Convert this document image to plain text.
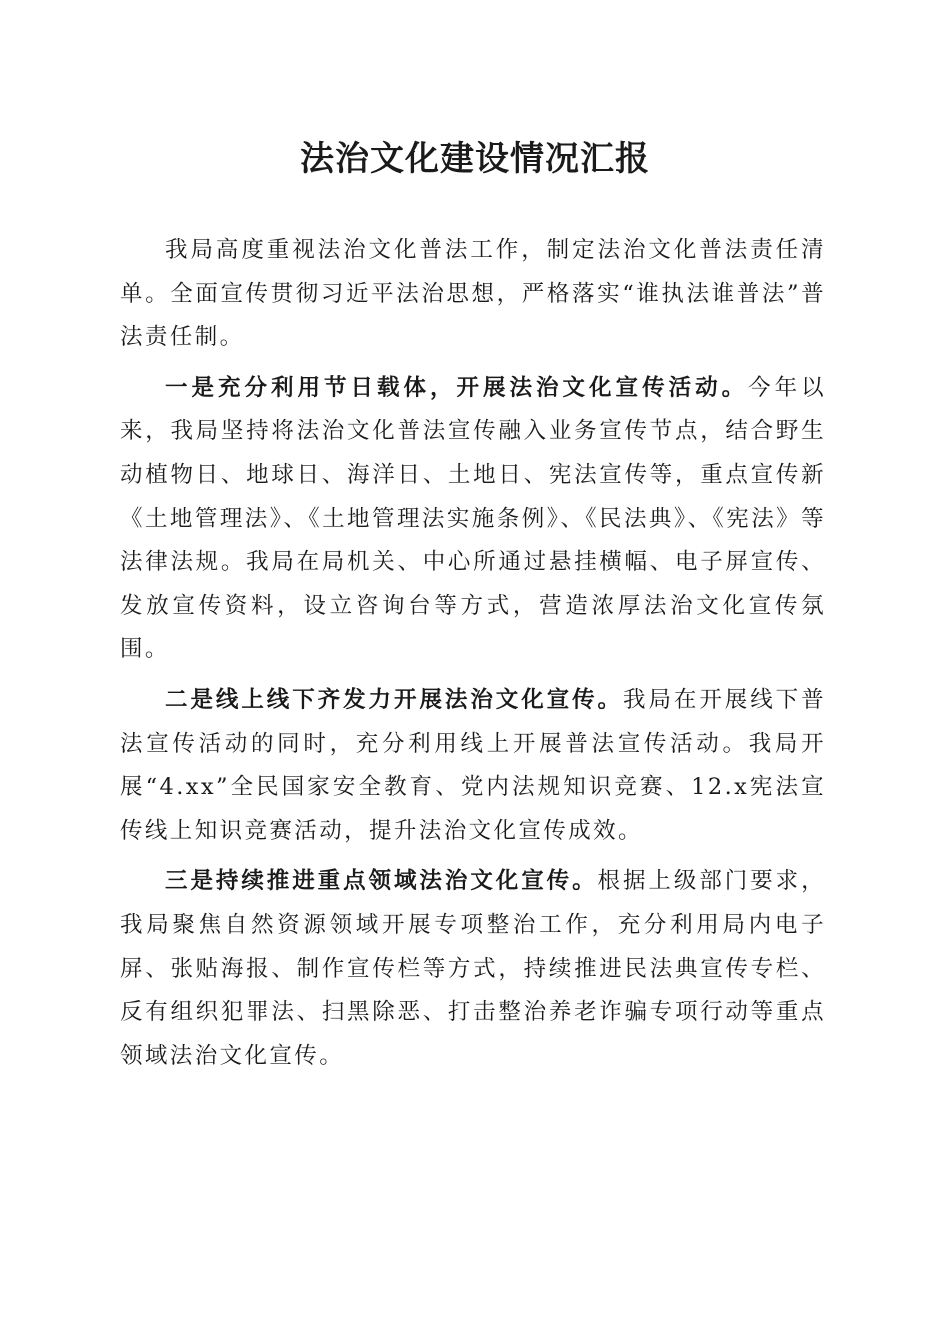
法治文化建设情况汇报

我局高度重视法治文化普法工作，制定法治文化普法责任清单。全面宣传贯彻习近平法治思想，严格落实“谁执法谁普法”普法责任制。

一是充分利用节日载体，开展法治文化宣传活动。今年以来，我局坚持将法治文化普法宣传融入业务宣传节点，结合野生动植物日、地球日、海洋日、土地日、宪法宣传等，重点宣传新《土地管理法》、《土地管理法实施条例》、《民法典》、《宪法》等法律法规。我局在局机关、中心所通过悬挂横幅、电子屏宣传、发放宣传资料，设立咨询台等方式，营造浓厚法治文化宣传氛围。

二是线上线下齐发力开展法治文化宣传。我局在开展线下普法宣传活动的同时，充分利用线上开展普法宣传活动。我局开展“4.xx”全民国家安全教育、党内法规知识竞赛、12.x宪法宣传线上知识竞赛活动，提升法治文化宣传成效。

三是持续推进重点领域法治文化宣传。根据上级部门要求，我局聚焦自然资源领域开展专项整治工作，充分利用局内电子屏、张贴海报、制作宣传栏等方式，持续推进民法典宣传专栏、反有组织犯罪法、扫黑除恶、打击整治养老诈骗专项行动等重点领域法治文化宣传。
